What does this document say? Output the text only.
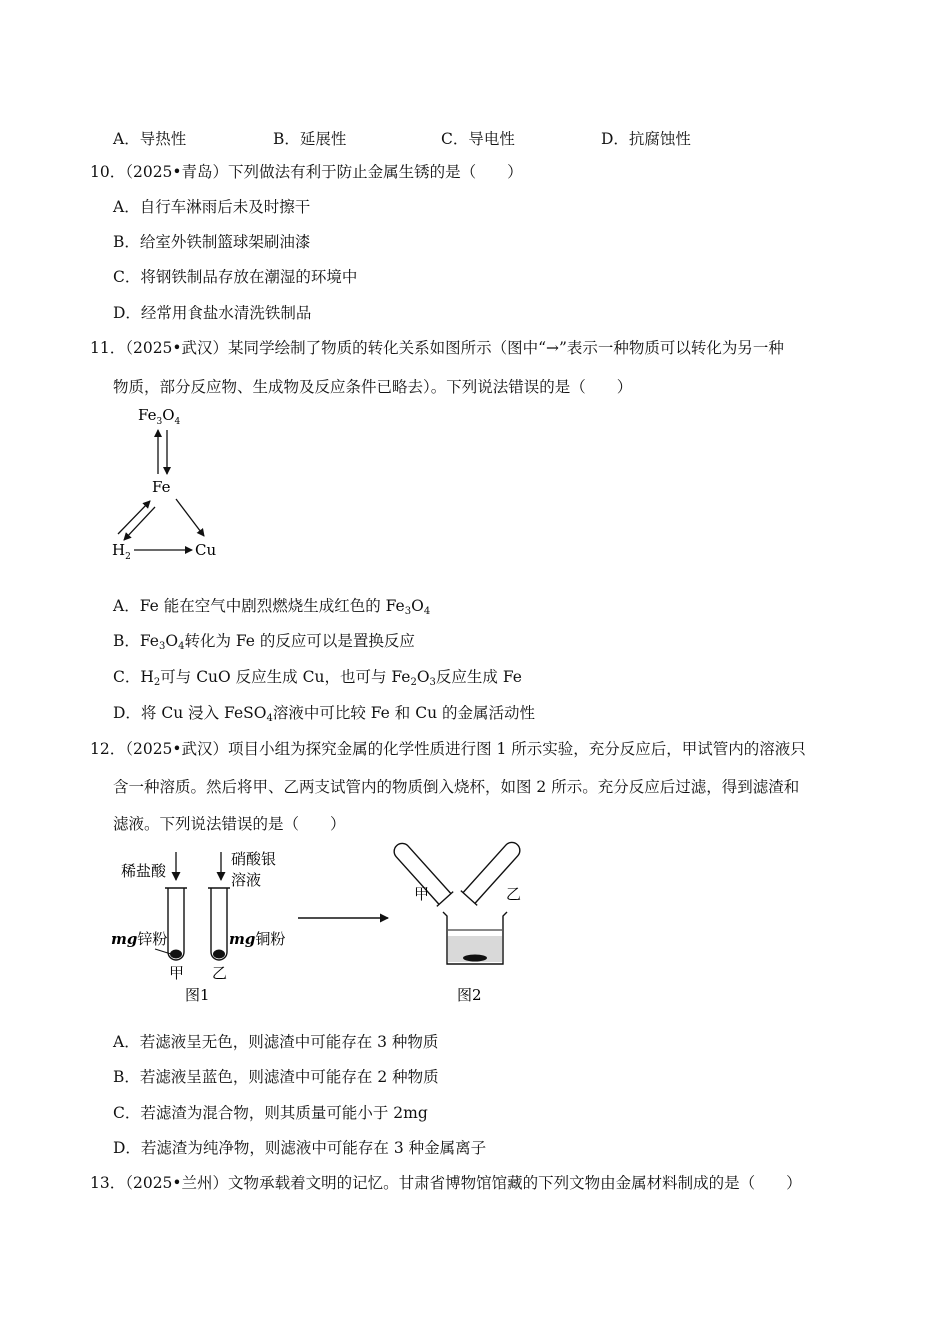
A．导热性	B．延展性	C．导电性	D．抗腐蚀性
10．（2025•青岛）下列做法有利于防止金属生锈的是（　　）
A．自行车淋雨后未及时擦干
B．给室外铁制篮球架刷油漆
C．将钢铁制品存放在潮湿的环境中
D．经常用食盐水清洗铁制品
11．（2025•武汉）某同学绘制了物质的转化关系如图所示（图中“→”表示一种物质可以转化为另一种
物质，部分反应物、生成物及反应条件已略去）。下列说法错误的是（　　）
$Fe_3O_4$
Fe
$H_2$	Cu
A．Fe 能在空气中剧烈燃烧生成红色的 $Fe_3O_4$
B．$Fe_3O_4$转化为 Fe 的反应可以是置换反应
C．$H_2$可与 CuO 反应生成 Cu，也可与 $Fe_2O_3$反应生成 Fe
D．将 Cu 浸入 FeSO$_4$溶液中可比较 Fe 和 Cu 的金属活动性
12．（2025•武汉）项目小组为探究金属的化学性质进行图 1 所示实验，充分反应后，甲试管内的溶液只
含一种溶质。然后将甲、乙两支试管内的物质倒入烧杯，如图 2 所示。充分反应后过滤，得到滤渣和
滤液。下列说法错误的是（　　）
稀盐酸
硝酸银
溶液
mg锌粉	mg铜粉
甲 乙
图1
甲	乙
图2
A．若滤液呈无色，则滤渣中可能存在 3 种物质
B．若滤液呈蓝色，则滤渣中可能存在 2 种物质
C．若滤渣为混合物，则其质量可能小于 2mg
D．若滤渣为纯净物，则滤液中可能存在 3 种金属离子
13．（2025•兰州）文物承载着文明的记忆。甘肃省博物馆馆藏的下列文物由金属材料制成的是（　　）
